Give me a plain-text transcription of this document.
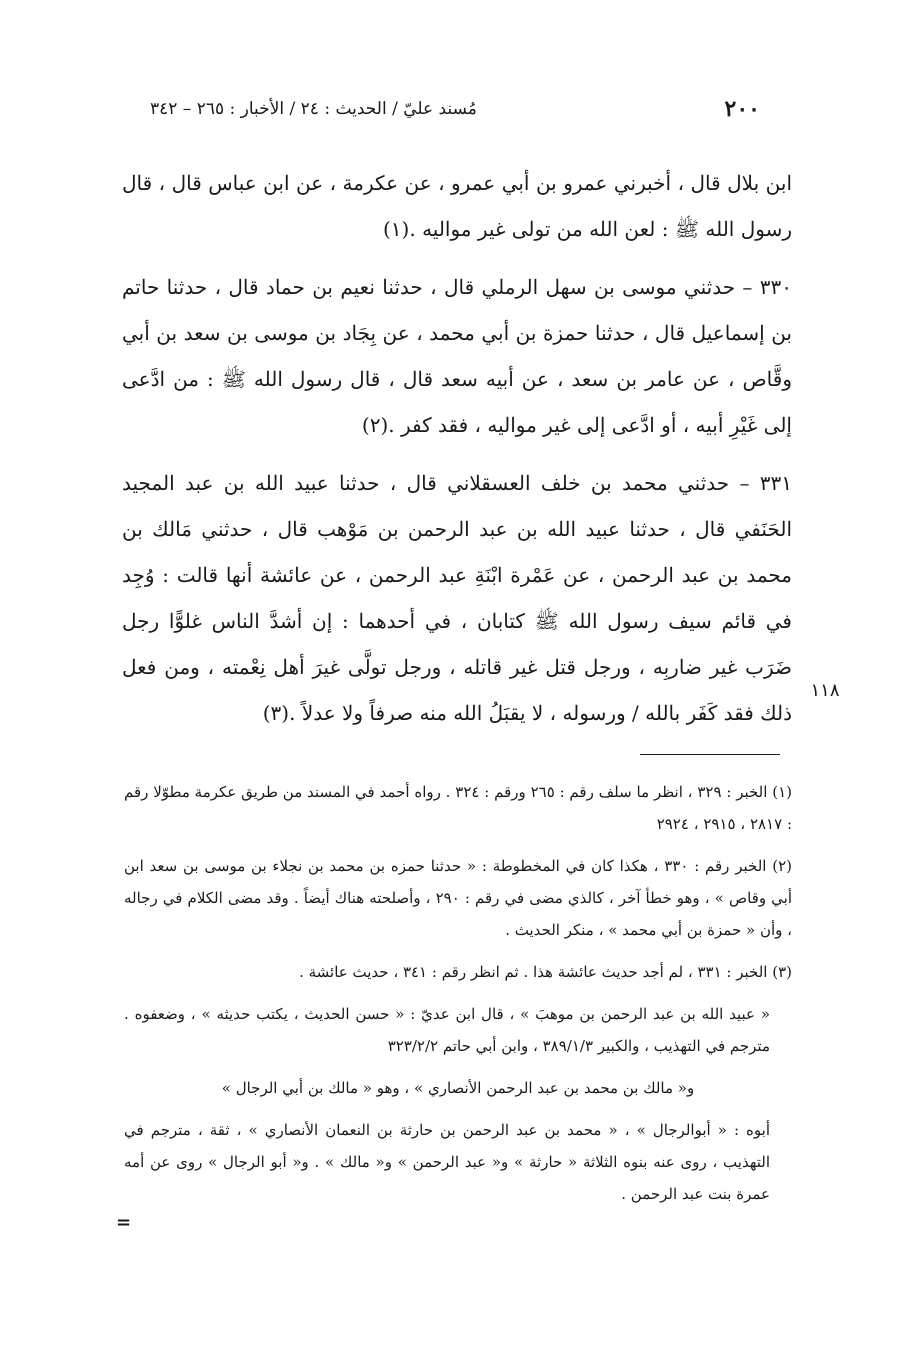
٢٠٠
مُسند عليّ / الحديث : ٢٤ / الأخبار : ٢٦٥ – ٣٤٢

ابن بلال قال ، أخبرني عمرو بن أبي عمرو ، عن عكرمة ، عن ابن عباس قال ، قال رسول الله ﷺ : لعن الله من تولى غير مواليه .(١)

٣٣٠ – حدثني موسى بن سهل الرملي قال ، حدثنا نعيم بن حماد قال ، حدثنا حاتم بن إسماعيل قال ، حدثنا حمزة بن أبي محمد ، عن بِجَاد بن موسى بن سعد بن أبي وقَّاص ، عن عامر بن سعد ، عن أبيه سعد قال ، قال رسول الله ﷺ : من ادَّعى إلى غَيْرِ أبيه ، أو ادَّعى إلى غير مواليه ، فقد كفر .(٢)

٣٣١ – حدثني محمد بن خلف العسقلاني قال ، حدثنا عبيد الله بن عبد المجيد الحَنَفي قال ، حدثنا عبيد الله بن عبد الرحمن بن مَوْهب قال ، حدثني مَالك بن محمد بن عبد الرحمن ، عن عَمْرة ابْنَةِ عبد الرحمن ، عن عائشة أنها قالت : وُجِد في قائم سيف رسول الله ﷺ كتابان ، في أحدهما : إن أشدَّ الناس غلوًّا رجل ضَرَب غير ضاربِه ، ورجل قتل غير قاتله ، ورجل تولَّى غيرَ أهل نِعْمته ، ومن فعل ذلك فقد كَفَر بالله / ورسوله ، لا يقبَلُ الله منه صرفاً ولا عدلاً .(٣)

١١٨

(١) الخبر : ٣٢٩ ، انظر ما سلف رقم : ٢٦٥ ورقم : ٣٢٤ . رواه أحمد في المسند من طريق عكرمة مطوّلا رقم : ٢٨١٧ ، ٢٩١٥ ، ٢٩٢٤

(٢) الخبر رقم : ٣٣٠ ، هكذا كان في المخطوطة : « حدثنا حمزه بن محمد بن نجلاء بن موسى بن سعد ابن أبي وقاص » ، وهو خطأ آخر ، كالذي مضى في رقم : ٢٩٠ ، وأصلحته هناك أيضاً . وقد مضى الكلام في رجاله ، وأن « حمزة بن أبي محمد » ، منكر الحديث .

(٣) الخبر : ٣٣١ ، لم أجد حديث عائشة هذا . ثم انظر رقم : ٣٤١ ، حديث عائشة .

« عبيد الله بن عبد الرحمن بن موهبَ » ، قال ابن عديّ : « حسن الحديث ، يكتب حديثه » ، وضعفوه . مترجم في التهذيب ، والكبير ٣٨٩/١/٣ ، وابن أبي حاتم ٣٢٣/٢/٢

و« مالك بن محمد بن عبد الرحمن الأنصاري » ، وهو « مالك بن أبي الرجال »

أبوه : « أبوالرجال » ، « محمد بن عبد الرحمن بن حارثة بن النعمان الأنصاري » ، ثقة ، مترجم في التهذيب ، روى عنه بنوه الثلاثة « حارثة » و« عبد الرحمن » و« مالك » . و« أبو الرجال » روى عن أمه عمرة بنت عبد الرحمن .

=
